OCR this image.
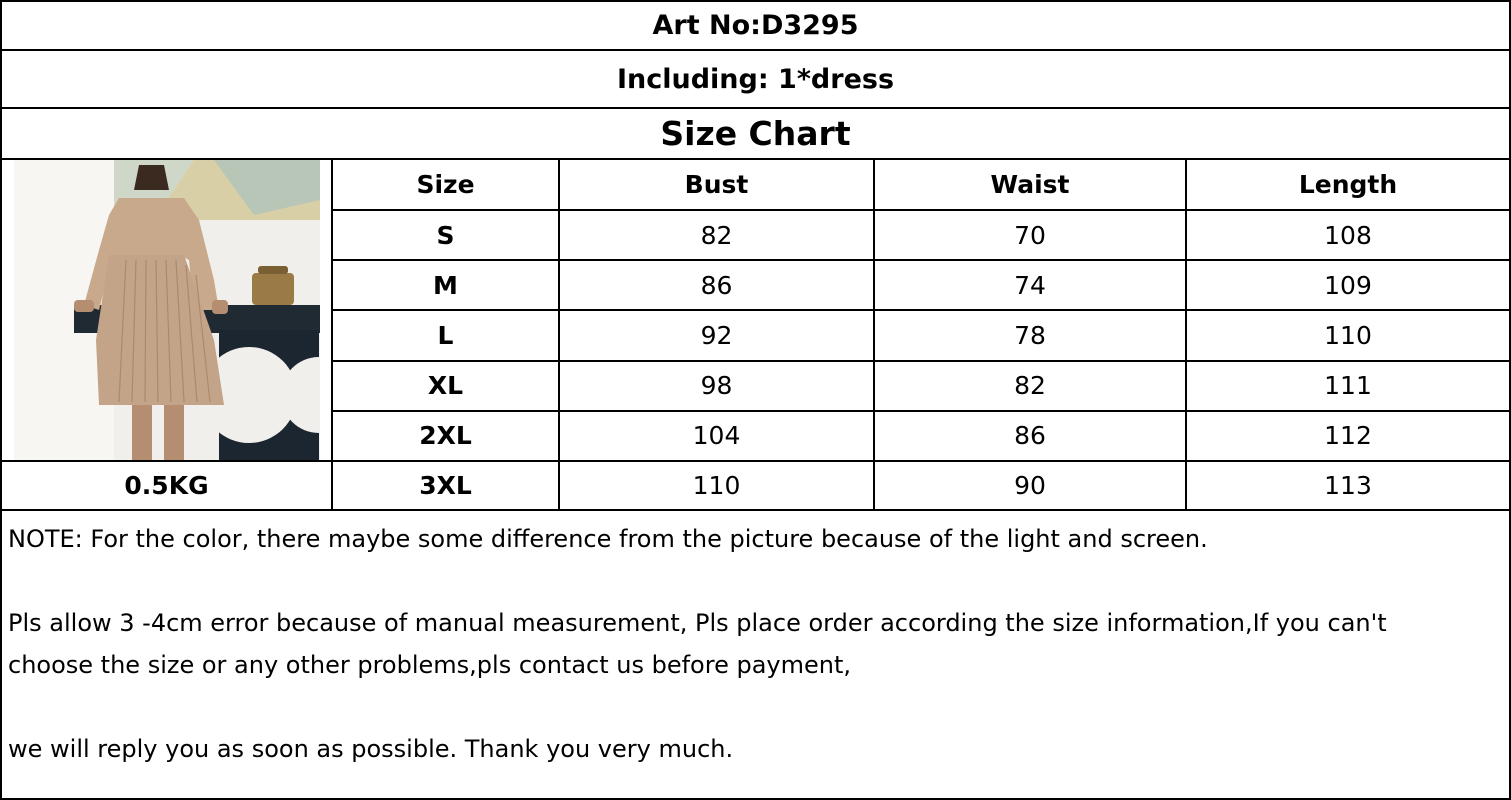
Art No:D3295
Including: 1*dress
Size Chart
	Size	Bust	Waist	Length
	S	82	70	108
	M	86	74	109
	L	92	78	110
	XL	98	82	111
	2XL	104	86	112
0.5KG	3XL	110	90	113

NOTE: For the color, there maybe some difference from the picture because of the light and screen.

Pls allow 3 -4cm error because of manual measurement, Pls place order according the size information,If you can't

choose the size or any other problems,pls contact us before payment,

we will reply you as soon as possible. Thank you very much.
